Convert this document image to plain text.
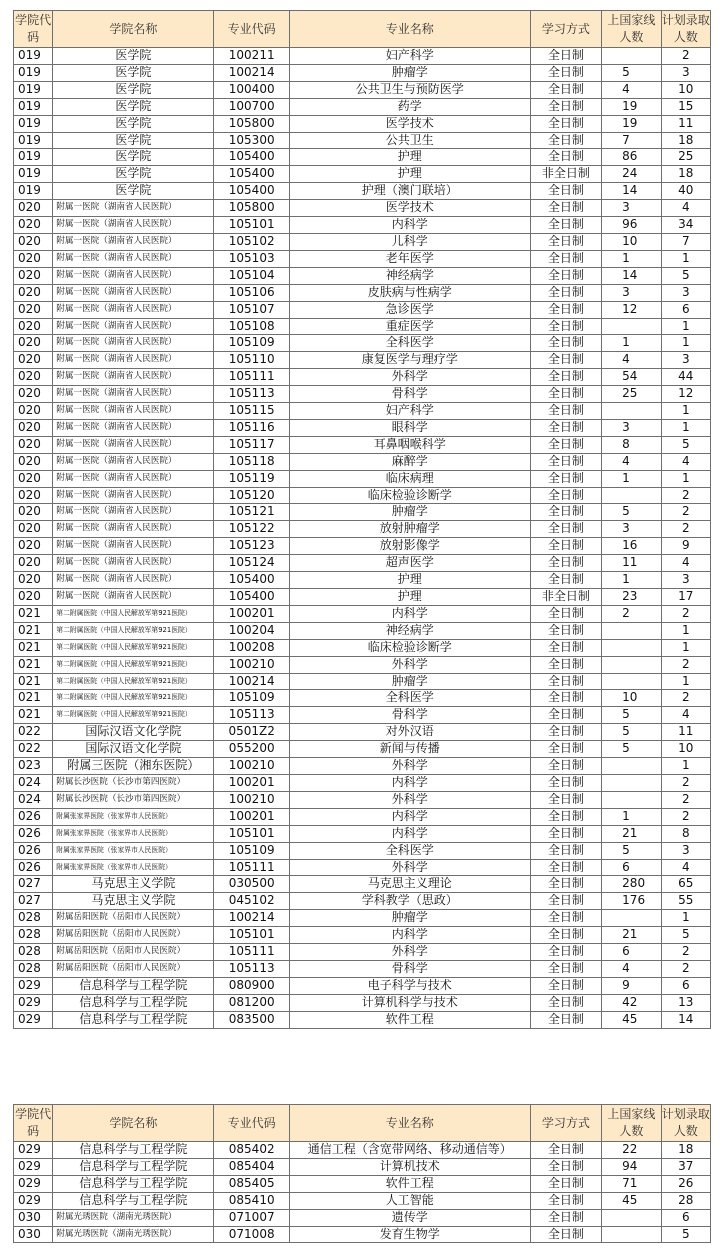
学院代码	学院名称	专业代码	专业名称	学习方式	上国家线人数	计划录取人数
019	医学院	100211	妇产科学	全日制		2
019	医学院	100214	肿瘤学	全日制	5	3
019	医学院	100400	公共卫生与预防医学	全日制	4	10
019	医学院	100700	药学	全日制	19	15
019	医学院	105800	医学技术	全日制	19	11
019	医学院	105300	公共卫生	全日制	7	18
019	医学院	105400	护理	全日制	86	25
019	医学院	105400	护理	非全日制	24	18
019	医学院	105400	护理（澳门联培）	全日制	14	40
020	附属一医院（湖南省人民医院）	105800	医学技术	全日制	3	4
020	附属一医院（湖南省人民医院）	105101	内科学	全日制	96	34
020	附属一医院（湖南省人民医院）	105102	儿科学	全日制	10	7
020	附属一医院（湖南省人民医院）	105103	老年医学	全日制	1	1
020	附属一医院（湖南省人民医院）	105104	神经病学	全日制	14	5
020	附属一医院（湖南省人民医院）	105106	皮肤病与性病学	全日制	3	3
020	附属一医院（湖南省人民医院）	105107	急诊医学	全日制	12	6
020	附属一医院（湖南省人民医院）	105108	重症医学	全日制		1
020	附属一医院（湖南省人民医院）	105109	全科医学	全日制	1	1
020	附属一医院（湖南省人民医院）	105110	康复医学与理疗学	全日制	4	3
020	附属一医院（湖南省人民医院）	105111	外科学	全日制	54	44
020	附属一医院（湖南省人民医院）	105113	骨科学	全日制	25	12
020	附属一医院（湖南省人民医院）	105115	妇产科学	全日制		1
020	附属一医院（湖南省人民医院）	105116	眼科学	全日制	3	1
020	附属一医院（湖南省人民医院）	105117	耳鼻咽喉科学	全日制	8	5
020	附属一医院（湖南省人民医院）	105118	麻醉学	全日制	4	4
020	附属一医院（湖南省人民医院）	105119	临床病理	全日制	1	1
020	附属一医院（湖南省人民医院）	105120	临床检验诊断学	全日制		2
020	附属一医院（湖南省人民医院）	105121	肿瘤学	全日制	5	2
020	附属一医院（湖南省人民医院）	105122	放射肿瘤学	全日制	3	2
020	附属一医院（湖南省人民医院）	105123	放射影像学	全日制	16	9
020	附属一医院（湖南省人民医院）	105124	超声医学	全日制	11	4
020	附属一医院（湖南省人民医院）	105400	护理	全日制	1	3
020	附属一医院（湖南省人民医院）	105400	护理	非全日制	23	17
021	第二附属医院（中国人民解放军第921医院）	100201	内科学	全日制	2	2
021	第二附属医院（中国人民解放军第921医院）	100204	神经病学	全日制		1
021	第二附属医院（中国人民解放军第921医院）	100208	临床检验诊断学	全日制		1
021	第二附属医院（中国人民解放军第921医院）	100210	外科学	全日制		2
021	第二附属医院（中国人民解放军第921医院）	100214	肿瘤学	全日制		1
021	第二附属医院（中国人民解放军第921医院）	105109	全科医学	全日制	10	2
021	第二附属医院（中国人民解放军第921医院）	105113	骨科学	全日制	5	4
022	国际汉语文化学院	0501Z2	对外汉语	全日制	5	11
022	国际汉语文化学院	055200	新闻与传播	全日制	5	10
023	附属三医院（湘东医院）	100210	外科学	全日制		1
024	附属长沙医院（长沙市第四医院）	100201	内科学	全日制		2
024	附属长沙医院（长沙市第四医院）	100210	外科学	全日制		2
026	附属张家界医院（张家界市人民医院）	100201	内科学	全日制	1	2
026	附属张家界医院（张家界市人民医院）	105101	内科学	全日制	21	8
026	附属张家界医院（张家界市人民医院）	105109	全科医学	全日制	5	3
026	附属张家界医院（张家界市人民医院）	105111	外科学	全日制	6	4
027	马克思主义学院	030500	马克思主义理论	全日制	280	65
027	马克思主义学院	045102	学科教学（思政）	全日制	176	55
028	附属岳阳医院（岳阳市人民医院）	100214	肿瘤学	全日制		1
028	附属岳阳医院（岳阳市人民医院）	105101	内科学	全日制	21	5
028	附属岳阳医院（岳阳市人民医院）	105111	外科学	全日制	6	2
028	附属岳阳医院（岳阳市人民医院）	105113	骨科学	全日制	4	2
029	信息科学与工程学院	080900	电子科学与技术	全日制	9	6
029	信息科学与工程学院	081200	计算机科学与技术	全日制	42	13
029	信息科学与工程学院	083500	软件工程	全日制	45	14
学院代码	学院名称	专业代码	专业名称	学习方式	上国家线人数	计划录取人数
029	信息科学与工程学院	085402	通信工程（含宽带网络、移动通信等）	全日制	22	18
029	信息科学与工程学院	085404	计算机技术	全日制	94	37
029	信息科学与工程学院	085405	软件工程	全日制	71	26
029	信息科学与工程学院	085410	人工智能	全日制	45	28
030	附属光琇医院（湖南光琇医院）	071007	遗传学	全日制		6
030	附属光琇医院（湖南光琇医院）	071008	发育生物学	全日制		5
